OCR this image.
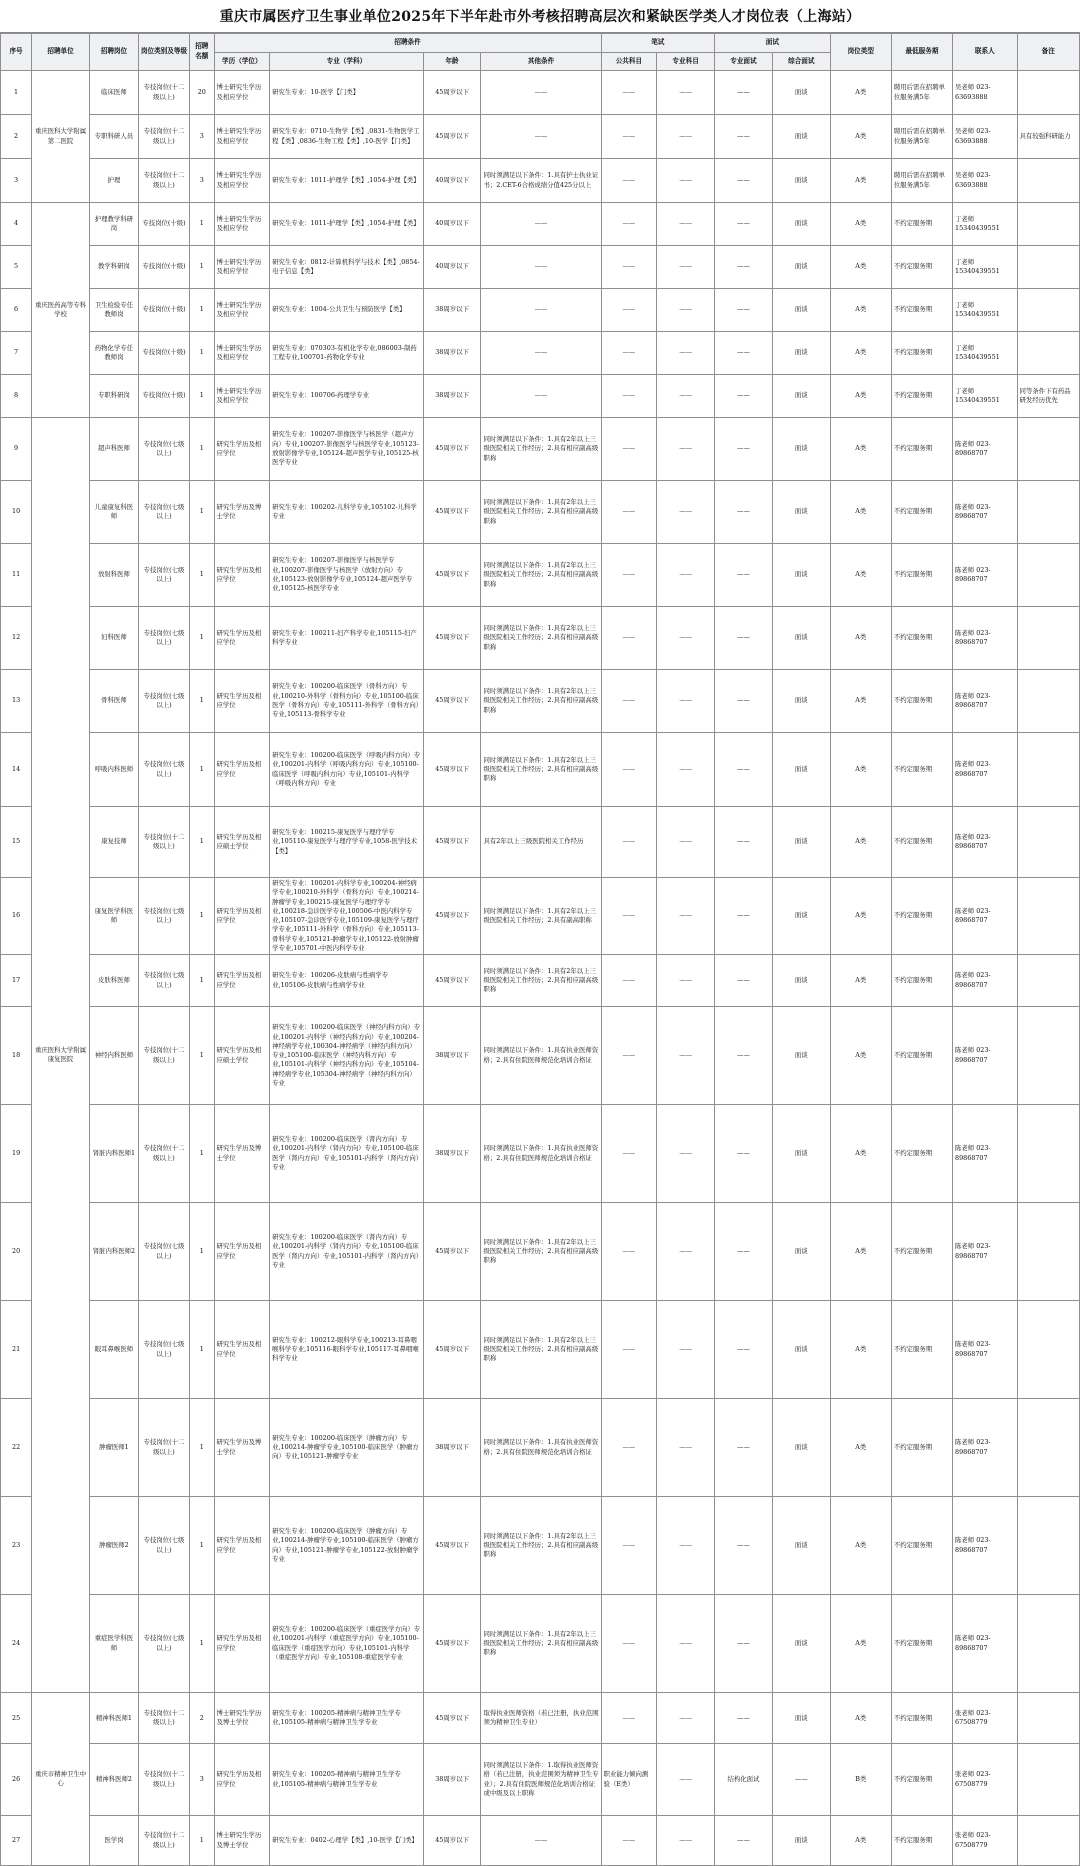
重庆市属医疗卫生事业单位2025年下半年赴市外考核招聘高层次和紧缺医学类人才岗位表（上海站）
序号	招聘单位	招聘岗位	岗位类别及等级	招聘名额	招聘条件				笔试		面试		岗位类型	最低服务期	联系人	备注
					学历（学位）	专业（学科）	年龄	其他条件	公共科目	专业科目	专业面试	综合面试				
1	重庆医科大学附属第二医院	临床医师	专技岗位(十二级以上)	20	博士研究生学历及相应学位	研究生专业：10-医学【门类】	45周岁以下	——	——	——	——	面谈	A类	聘用后需在招聘单位服务满5年	吴老师 023-63693888	
2		专职科研人员	专技岗位(十二级以上)	3	博士研究生学历及相应学位	研究生专业：0710-生物学【类】,0831-生物医学工程【类】,0836-生物工程【类】,10-医学【门类】	45周岁以下	——	——	——	——	面谈	A类	聘用后需在招聘单位服务满5年	吴老师 023-63693888	具有较强科研能力
3		护理	专技岗位(十二级以上)	3	博士研究生学历及相应学位	研究生专业：1011-护理学【类】,1054-护理【类】	40周岁以下	同时须满足以下条件：1.具有护士执业证书；2.CET-6合格成绩分值425分以上	——	——	——	面谈	A类	聘用后需在招聘单位服务满5年	吴老师 023-63693888	
4	重庆医药高等专科学校	护理教学科研岗	专技岗位(十级)	1	博士研究生学历及相应学位	研究生专业：1011-护理学【类】,1054-护理【类】	40周岁以下	——	——	——	——	面谈	A类	不约定服务期	丁老师 15340439551	
5		教学科研岗	专技岗位(十级)	1	博士研究生学历及相应学位	研究生专业：0812-计算机科学与技术【类】,0854-电子信息【类】	40周岁以下	——	——	——	——	面谈	A类	不约定服务期	丁老师 15340439551	
6		卫生检验专任教师岗	专技岗位(十级)	1	博士研究生学历及相应学位	研究生专业：1004-公共卫生与预防医学【类】	38周岁以下	——	——	——	——	面谈	A类	不约定服务期	丁老师 15340439551	
7		药物化学专任教师岗	专技岗位(十级)	1	博士研究生学历及相应学位	研究生专业：070303-有机化学专业,086003-制药工程专业,100701-药物化学专业	38周岁以下	——	——	——	——	面谈	A类	不约定服务期	丁老师 15340439551	
8		专职科研岗	专技岗位(十级)	1	博士研究生学历及相应学位	研究生专业：100706-药理学专业	38周岁以下	——	——	——	——	面谈	A类	不约定服务期	丁老师 15340439551	同等条件下有药品研发经历优先
9	重庆医科大学附属康复医院	超声科医师	专技岗位(七级以上)	1	研究生学历及相应学位	研究生专业：100207-影像医学与核医学（超声方向）专业,100207-影像医学与核医学专业,105123-放射影像学专业,105124-超声医学专业,105125-核医学专业	45周岁以下	同时须满足以下条件：1.具有2年以上三级医院相关工作经历；2.具有相应副高级职称	——	——	——	面谈	A类	不约定服务期	陈老师 023-89868707	
10		儿童康复科医师	专技岗位(七级以上)	1	研究生学历及博士学位	研究生专业：100202-儿科学专业,105102-儿科学专业	45周岁以下	同时须满足以下条件：1.具有2年以上三级医院相关工作经历；2.具有相应副高级职称	——	——	——	面谈	A类	不约定服务期	陈老师 023-89868707	
11		放射科医师	专技岗位(七级以上)	1	研究生学历及相应学位	研究生专业：100207-影像医学与核医学专业,100207-影像医学与核医学（放射方向）专业,105123-放射影像学专业,105124-超声医学专业,105125-核医学专业	45周岁以下	同时须满足以下条件：1.具有2年以上三级医院相关工作经历；2.具有相应副高级职称	——	——	——	面谈	A类	不约定服务期	陈老师 023-89868707	
12		妇科医师	专技岗位(七级以上)	1	研究生学历及相应学位	研究生专业：100211-妇产科学专业,105115-妇产科学专业	45周岁以下	同时须满足以下条件：1.具有2年以上三级医院相关工作经历；2.具有相应副高级职称	——	——	——	面谈	A类	不约定服务期	陈老师 023-89868707	
13		骨科医师	专技岗位(七级以上)	1	研究生学历及相应学位	研究生专业：100200-临床医学（骨科方向）专业,100210-外科学（骨科方向）专业,105100-临床医学（骨科方向）专业,105111-外科学（骨科方向）专业,105113-骨科学专业	45周岁以下	同时须满足以下条件：1.具有2年以上三级医院相关工作经历；2.具有相应副高级职称	——	——	——	面谈	A类	不约定服务期	陈老师 023-89868707	
14		呼吸内科医师	专技岗位(七级以上)	1	研究生学历及相应学位	研究生专业：100200-临床医学（呼吸内科方向）专业,100201-内科学（呼吸内科方向）专业,105100-临床医学（呼吸内科方向）专业,105101-内科学（呼吸内科方向）专业	45周岁以下	同时须满足以下条件：1.具有2年以上三级医院相关工作经历；2.具有相应副高级职称	——	——	——	面谈	A类	不约定服务期	陈老师 023-89868707	
15		康复技师	专技岗位(十二级以上)	1	研究生学历及相应硕士学位	研究生专业：100215-康复医学与理疗学专业,105110-康复医学与理疗学专业,1058-医学技术【类】	45周岁以下	具有2年以上三级医院相关工作经历	——	——	——	面谈	A类	不约定服务期	陈老师 023-89868707	
16		康复医学科医师	专技岗位(七级以上)	1	研究生学历及相应学位	研究生专业：100201-内科学专业,100204-神经病学专业,100210-外科学（骨科方向）专业,100214-肿瘤学专业,100215-康复医学与理疗学专业,100218-急诊医学专业,100506-中医内科学专业,105107-急诊医学专业,105109-康复医学与理疗学专业,105111-外科学（骨科方向）专业,105113-骨科学专业,105121-肿瘤学专业,105122-放射肿瘤学专业,105701-中医内科学专业	45周岁以下	同时须满足以下条件：1.具有2年以上三级医院相关工作经历；2.具有副高职称	——	——	——	面谈	A类	不约定服务期	陈老师 023-89868707	
17		皮肤科医师	专技岗位(七级以上)	1	研究生学历及相应学位	研究生专业：100206-皮肤病与性病学专业,105106-皮肤病与性病学专业	45周岁以下	同时须满足以下条件：1.具有2年以上三级医院相关工作经历；2.具有相应副高级职称	——	——	——	面谈	A类	不约定服务期	陈老师 023-89868707	
18		神经内科医师	专技岗位(十二级以上)	1	研究生学历及相应硕士学位	研究生专业：100200-临床医学（神经内科方向）专业,100201-内科学（神经内科方向）专业,100204-神经病学专业,100304-神经病学（神经内科方向）专业,105100-临床医学（神经内科方向）专业,105101-内科学（神经内科方向）专业,105104-神经病学专业,105304-神经病学（神经内科方向）专业	38周岁以下	同时须满足以下条件：1.具有执业医师资格；2.具有住院医师规范化培训合格证	——	——	——	面谈	A类	不约定服务期	陈老师 023-89868707	
19		肾脏内科医师1	专技岗位(十二级以上)	1	研究生学历及博士学位	研究生专业：100200-临床医学（肾内方向）专业,100201-内科学（肾内方向）专业,105100-临床医学（肾内方向）专业,105101-内科学（肾内方向）专业	38周岁以下	同时须满足以下条件：1.具有执业医师资格；2.具有住院医师规范化培训合格证	——	——	——	面谈	A类	不约定服务期	陈老师 023-89868707	
20		肾脏内科医师2	专技岗位(七级以上)	1	研究生学历及相应学位	研究生专业：100200-临床医学（肾内方向）专业,100201-内科学（肾内方向）专业,105100-临床医学（肾内方向）专业,105101-内科学（肾内方向）专业	45周岁以下	同时须满足以下条件：1.具有2年以上三级医院相关工作经历；2.具有相应副高级职称	——	——	——	面谈	A类	不约定服务期	陈老师 023-89868707	
21		眼耳鼻喉医师	专技岗位(七级以上)	1	研究生学历及相应学位	研究生专业：100212-眼科学专业,100213-耳鼻咽喉科学专业,105116-眼科学专业,105117-耳鼻咽喉科学专业	45周岁以下	同时须满足以下条件：1.具有2年以上三级医院相关工作经历；2.具有相应副高级职称	——	——	——	面谈	A类	不约定服务期	陈老师 023-89868707	
22		肿瘤医师1	专技岗位(十二级以上)	1	研究生学历及博士学位	研究生专业：100200-临床医学（肿瘤方向）专业,100214-肿瘤学专业,105100-临床医学（肿瘤方向）专业,105121-肿瘤学专业	38周岁以下	同时须满足以下条件：1.具有执业医师资格；2.具有住院医师规范化培训合格证	——	——	——	面谈	A类	不约定服务期	陈老师 023-89868707	
23		肿瘤医师2	专技岗位(七级以上)	1	研究生学历及相应学位	研究生专业：100200-临床医学（肿瘤方向）专业,100214-肿瘤学专业,105100-临床医学（肿瘤方向）专业,105121-肿瘤学专业,105122-放射肿瘤学专业	45周岁以下	同时须满足以下条件：1.具有2年以上三级医院相关工作经历；2.具有相应副高级职称	——	——	——	面谈	A类	不约定服务期	陈老师 023-89868707	
24		重症医学科医师	专技岗位(七级以上)	1	研究生学历及相应学位	研究生专业：100200-临床医学（重症医学方向）专业,100201-内科学（重症医学方向）专业,105100-临床医学（重症医学方向）专业,105101-内科学（重症医学方向）专业,105108-重症医学专业	45周岁以下	同时须满足以下条件：1.具有2年以上三级医院相关工作经历；2.具有相应副高级职称	——	——	——	面谈	A类	不约定服务期	陈老师 023-89868707	
25	重庆市精神卫生中心	精神科医师1	专技岗位(十二级以上)	2	博士研究生学历及博士学位	研究生专业：100205-精神病与精神卫生学专业,105105-精神病与精神卫生学专业	45周岁以下	取得执业医师资格（若已注册，执业范围须为精神卫生专业）	——	——	——	面谈	A类	不约定服务期	张老师 023-67508779	
26		精神科医师2	专技岗位(十二级以上)	3	研究生学历及相应学位	研究生专业：100205-精神病与精神卫生学专业,105105-精神病与精神卫生学专业	38周岁以下	同时须满足以下条件：1.取得执业医师资格（若已注册，执业范围须为精神卫生专业）；2.具有住院医师规范化培训合格证或中级及以上职称	职业能力倾向测验（E类）	——	结构化面试	——	B类	不约定服务期	张老师 023-67508779	
27		医学岗	专技岗位(十二级以上)	1	博士研究生学历及博士学位	研究生专业：0402-心理学【类】,10-医学【门类】	45周岁以下	——	——	——	——	面谈	A类	不约定服务期	张老师 023-67508779	
